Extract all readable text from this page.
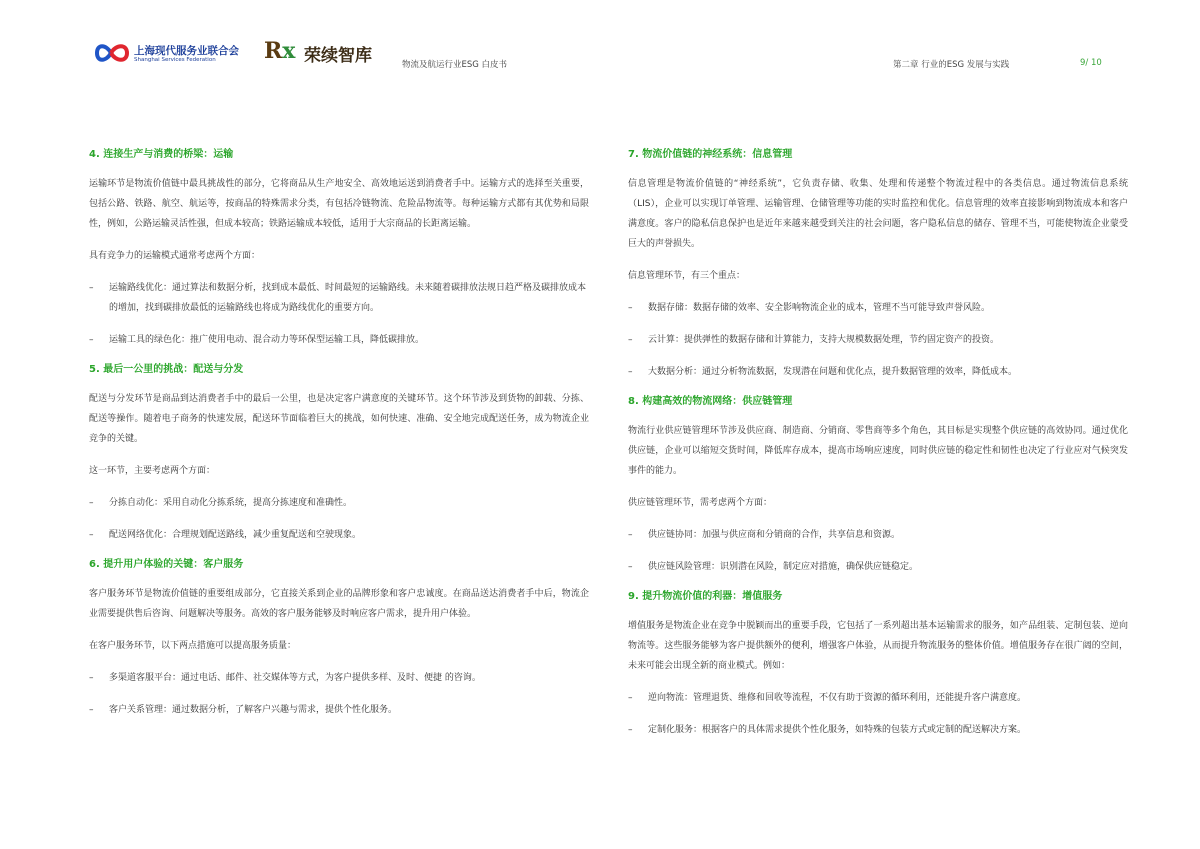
上海现代服务业联合会
Shanghai Services Federation Rx 荣续智库	物流及航运行业ESG 白皮书	第二章 行业的ESG 发展与实践	9/ 10
4. 连接生产与消费的桥梁：运输

运输环节是物流价值链中最具挑战性的部分，它将商品从生产地安全、高效地运送到消费者手中。运输方式的选择至关重要，包括公路、铁路、航空、航运等，按商品的特殊需求分类，有包括冷链物流、危险品物流等。每种运输方式都有其优势和局限性，例如，公路运输灵活性强，但成本较高；铁路运输成本较低，适用于大宗商品的长距离运输。

具有竞争力的运输模式通常考虑两个方面：

– 运输路线优化：通过算法和数据分析，找到成本最低、时间最短的运输路线。未来随着碳排放法规日趋严格及碳排放成本的增加，找到碳排放最低的运输路线也将成为路线优化的重要方向。
– 运输工具的绿色化：推广使用电动、混合动力等环保型运输工具，降低碳排放。
5. 最后一公里的挑战：配送与分发

配送与分发环节是商品到达消费者手中的最后一公里，也是决定客户满意度的关键环节。这个环节涉及到货物的卸载、分拣、配送等操作。随着电子商务的快速发展，配送环节面临着巨大的挑战，如何快速、准确、安全地完成配送任务，成为物流企业竞争的关键。

这一环节，主要考虑两个方面：

– 分拣自动化：采用自动化分拣系统，提高分拣速度和准确性。
– 配送网络优化：合理规划配送路线，减少重复配送和空驶现象。
6. 提升用户体验的关键：客户服务

客户服务环节是物流价值链的重要组成部分，它直接关系到企业的品牌形象和客户忠诚度。在商品送达消费者手中后，物流企业需要提供售后咨询、问题解决等服务。高效的客户服务能够及时响应客户需求，提升用户体验。

在客户服务环节，以下两点措施可以提高服务质量：

– 多渠道客服平台：通过电话、邮件、社交媒体等方式，为客户提供多样、及时、便捷 的咨询。
– 客户关系管理：通过数据分析，了解客户兴趣与需求，提供个性化服务。
7. 物流价值链的神经系统：信息管理

信息管理是物流价值链的“神经系统”，它负责存储、收集、处理和传递整个物流过程中的各类信息。通过物流信息系统（LIS），企业可以实现订单管理、运输管理、仓储管理等功能的实时监控和优化。信息管理的效率直接影响到物流成本和客户满意度。客户的隐私信息保护也是近年来越来越受到关注的社会问题，客户隐私信息的储存、管理不当，可能使物流企业蒙受巨大的声誉损失。

信息管理环节，有三个重点：

– 数据存储：数据存储的效率、安全影响物流企业的成本，管理不当可能导致声誉风险。
– 云计算：提供弹性的数据存储和计算能力，支持大规模数据处理，节约固定资产的投资。
– 大数据分析：通过分析物流数据，发现潜在问题和优化点，提升数据管理的效率，降低成本。
8. 构建高效的物流网络：供应链管理

物流行业供应链管理环节涉及供应商、制造商、分销商、零售商等多个角色，其目标是实现整个供应链的高效协同。通过优化供应链，企业可以缩短交货时间，降低库存成本，提高市场响应速度，同时供应链的稳定性和韧性也决定了行业应对气候突发事件的能力。

供应链管理环节，需考虑两个方面：

– 供应链协同：加强与供应商和分销商的合作，共享信息和资源。
– 供应链风险管理：识别潜在风险，制定应对措施，确保供应链稳定。
9. 提升物流价值的利器：增值服务

增值服务是物流企业在竞争中脱颖而出的重要手段，它包括了一系列超出基本运输需求的服务，如产品组装、定制包装、逆向物流等。这些服务能够为客户提供额外的便利，增强客户体验，从而提升物流服务的整体价值。增值服务存在很广阔的空间，未来可能会出现全新的商业模式。例如：

– 逆向物流：管理退货、维修和回收等流程，不仅有助于资源的循环利用，还能提升客户满意度。
– 定制化服务：根据客户的具体需求提供个性化服务，如特殊的包装方式或定制的配送解决方案。
